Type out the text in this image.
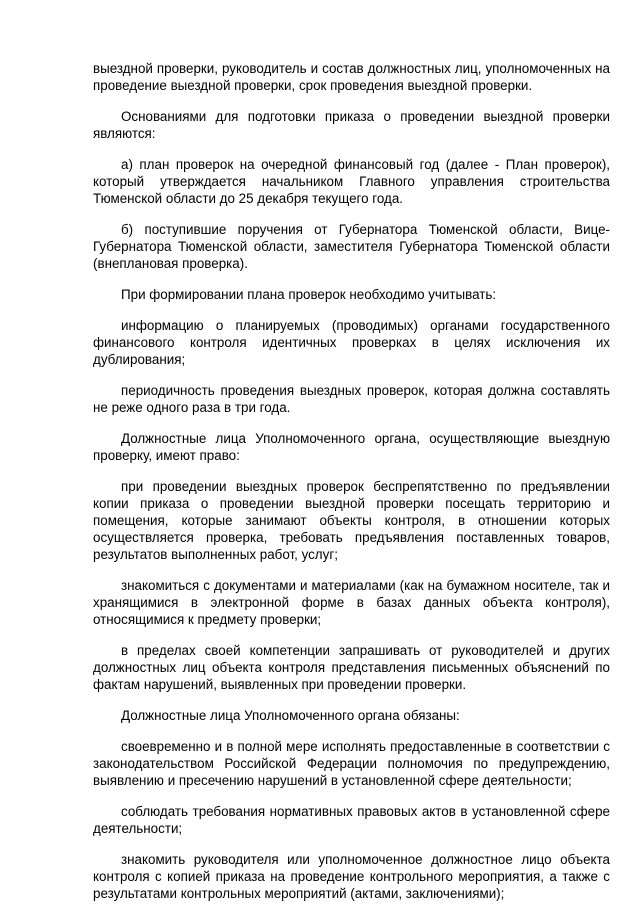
выездной проверки, руководитель и состав должностных лиц, уполномоченных на проведение выездной проверки, срок проведения выездной проверки.

Основаниями для подготовки приказа о проведении выездной проверки являются:

а) план проверок на очередной финансовый год (далее - План проверок), который утверждается начальником Главного управления строительства Тюменской области до 25 декабря текущего года.

б) поступившие поручения от Губернатора Тюменской области, Вице-Губернатора Тюменской области, заместителя Губернатора Тюменской области (внеплановая проверка).

При формировании плана проверок необходимо учитывать:

информацию о планируемых (проводимых) органами государственного финансового контроля идентичных проверках в целях исключения их дублирования;

периодичность проведения выездных проверок, которая должна составлять не реже одного раза в три года.

Должностные лица Уполномоченного органа, осуществляющие выездную проверку, имеют право:

при проведении выездных проверок беспрепятственно по предъявлении копии приказа о проведении выездной проверки посещать территорию и помещения, которые занимают объекты контроля, в отношении которых осуществляется проверка, требовать предъявления поставленных товаров, результатов выполненных работ, услуг;

знакомиться с документами и материалами (как на бумажном носителе, так и хранящимися в электронной форме в базах данных объекта контроля), относящимися к предмету проверки;

в пределах своей компетенции запрашивать от руководителей и других должностных лиц объекта контроля представления письменных объяснений по фактам нарушений, выявленных при проведении проверки.

Должностные лица Уполномоченного органа обязаны:

своевременно и в полной мере исполнять предоставленные в соответствии с законодательством Российской Федерации полномочия по предупреждению, выявлению и пресечению нарушений в установленной сфере деятельности;

соблюдать требования нормативных правовых актов в установленной сфере деятельности;

знакомить руководителя или уполномоченное должностное лицо объекта контроля с копией приказа на проведение контрольного мероприятия, а также с результатами контрольных мероприятий (актами, заключениями);
